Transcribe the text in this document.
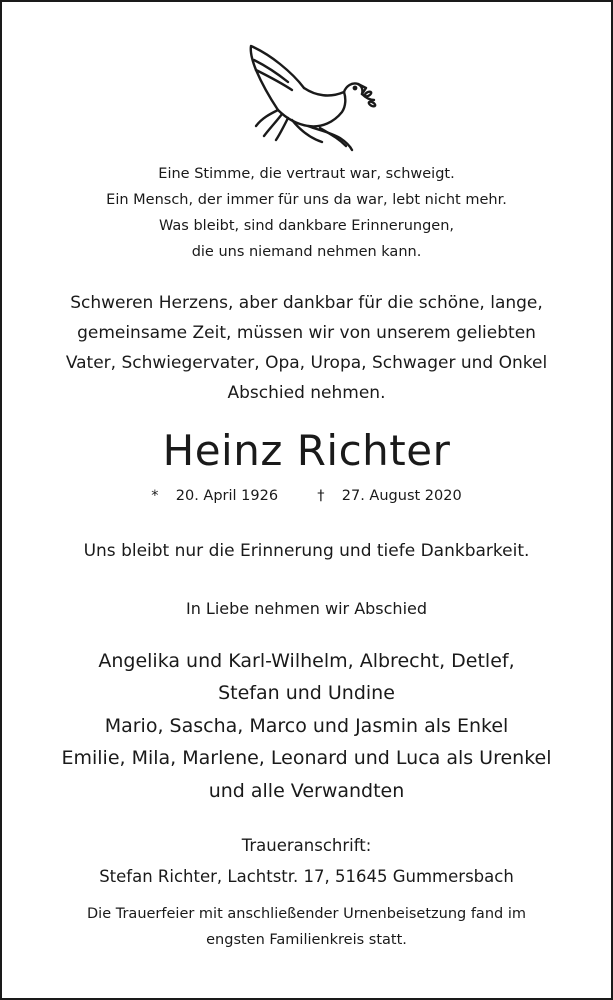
Eine Stimme, die vertraut war, schweigt.
Ein Mensch, der immer für uns da war, lebt nicht mehr.
Was bleibt, sind dankbare Erinnerungen,
die uns niemand nehmen kann.
Schweren Herzens, aber dankbar für die schöne, lange,
gemeinsame Zeit, müssen wir von unserem geliebten
Vater, Schwiegervater, Opa, Uropa, Schwager und Onkel
Abschied nehmen.
Heinz Richter
* 20. April 1926	† 27. August 2020
Uns bleibt nur die Erinnerung und tiefe Dankbarkeit.
In Liebe nehmen wir Abschied
Angelika und Karl-Wilhelm, Albrecht, Detlef,
Stefan und Undine
Mario, Sascha, Marco und Jasmin als Enkel
Emilie, Mila, Marlene, Leonard und Luca als Urenkel
und alle Verwandten
Traueranschrift:
Stefan Richter, Lachtstr. 17, 51645 Gummersbach
Die Trauerfeier mit anschließender Urnenbeisetzung fand im
engsten Familienkreis statt.
